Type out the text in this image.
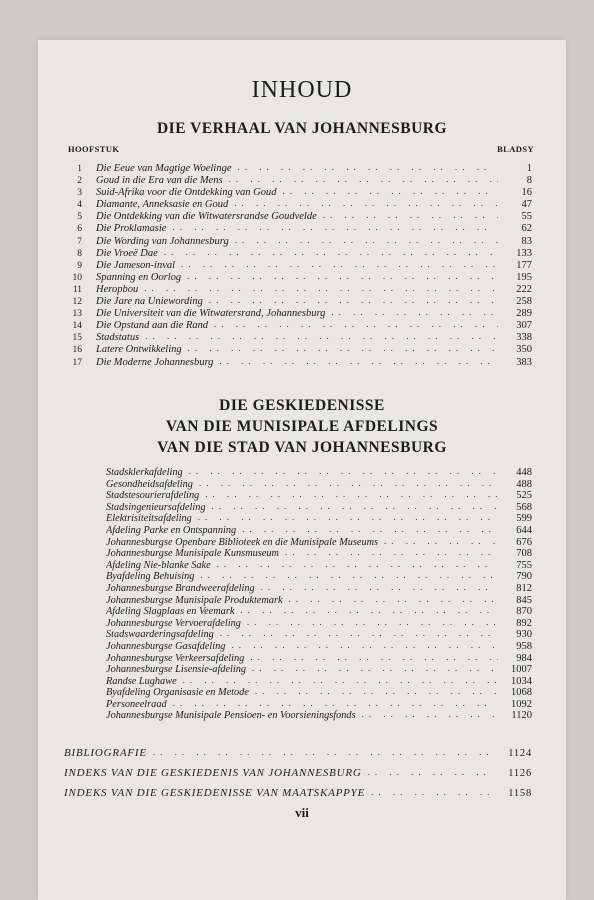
INHOUD
DIE VERHAAL VAN JOHANNESBURG
HOOFSTUK	BLADSY
1	Die Eeue van Magtige Woelinge .. ..	1
2	Goud in die Era van die Mens .. ..	8
3	Suid-Afrika voor die Ontdekking van Goud .. ..	16
4	Diamante, Anneksasie en Goud .. ..	47
5	Die Ontdekking van die Witwatersrandse Goudvelde .. ..	55
6	Die Proklamasie .. ..	62
7	Die Wording van Johannesburg .. ..	83
8	Die Vroeë Dae .. ..	133
9	Die Jameson-inval .. ..	177
10	Spanning en Oorlog .. ..	195
11	Heropbou .. ..	222
12	Die Jare na Uniewording .. ..	258
13	Die Universiteit van die Witwatersrand, Johannesburg .. ..	289
14	Die Opstand aan die Rand .. ..	307
15	Stadstatus .. ..	338
16	Latere Ontwikkeling .. ..	350
17	Die Moderne Johannesburg .. ..	383
DIE GESKIEDENISSE
VAN DIE MUNISIPALE AFDELINGS
VAN DIE STAD VAN JOHANNESBURG
Stadsklerkafdeling .. ..	448
Gesondheidsafdeling .. ..	488
Stadstesourierafdeling .. ..	525
Stadsingenieursafdeling .. ..	568
Elektrisiteitsafdeling .. ..	599
Afdeling Parke en Ontspanning .. ..	644
Johannesburgse Openbare Biblioteek en die Munisipale Museums .. ..	676
Johannesburgse Munisipale Kunsmuseum .. ..	708
Afdeling Nie-blanke Sake .. ..	755
Byafdeling Behuising .. ..	790
Johannesburgse Brandweerafdeling .. ..	812
Johannesburgse Munisipale Produktemark .. ..	845
Afdeling Slagplaas en Veemark .. ..	870
Johannesburgse Vervoerafdeling .. ..	892
Stadswaarderingsafdeling .. ..	930
Johannesburgse Gasafdeling .. ..	958
Johannesburgse Verkeersafdeling .. ..	984
Johannesburgse Lisensie-afdeling .. ..	1007
Randse Lughawe .. ..	1034
Byafdeling Organisasie en Metode .. ..	1068
Personeelraad .. ..	1092
Johannesburgse Munisipale Pensioen- en Voorsieningsfonds .. ..	1120
BIBLIOGRAFIE .. ..	1124
INDEKS VAN DIE GESKIEDENIS VAN JOHANNESBURG .. ..	1126
INDEKS VAN DIE GESKIEDENISSE VAN MAATSKAPPYE .. ..	1158
vii
